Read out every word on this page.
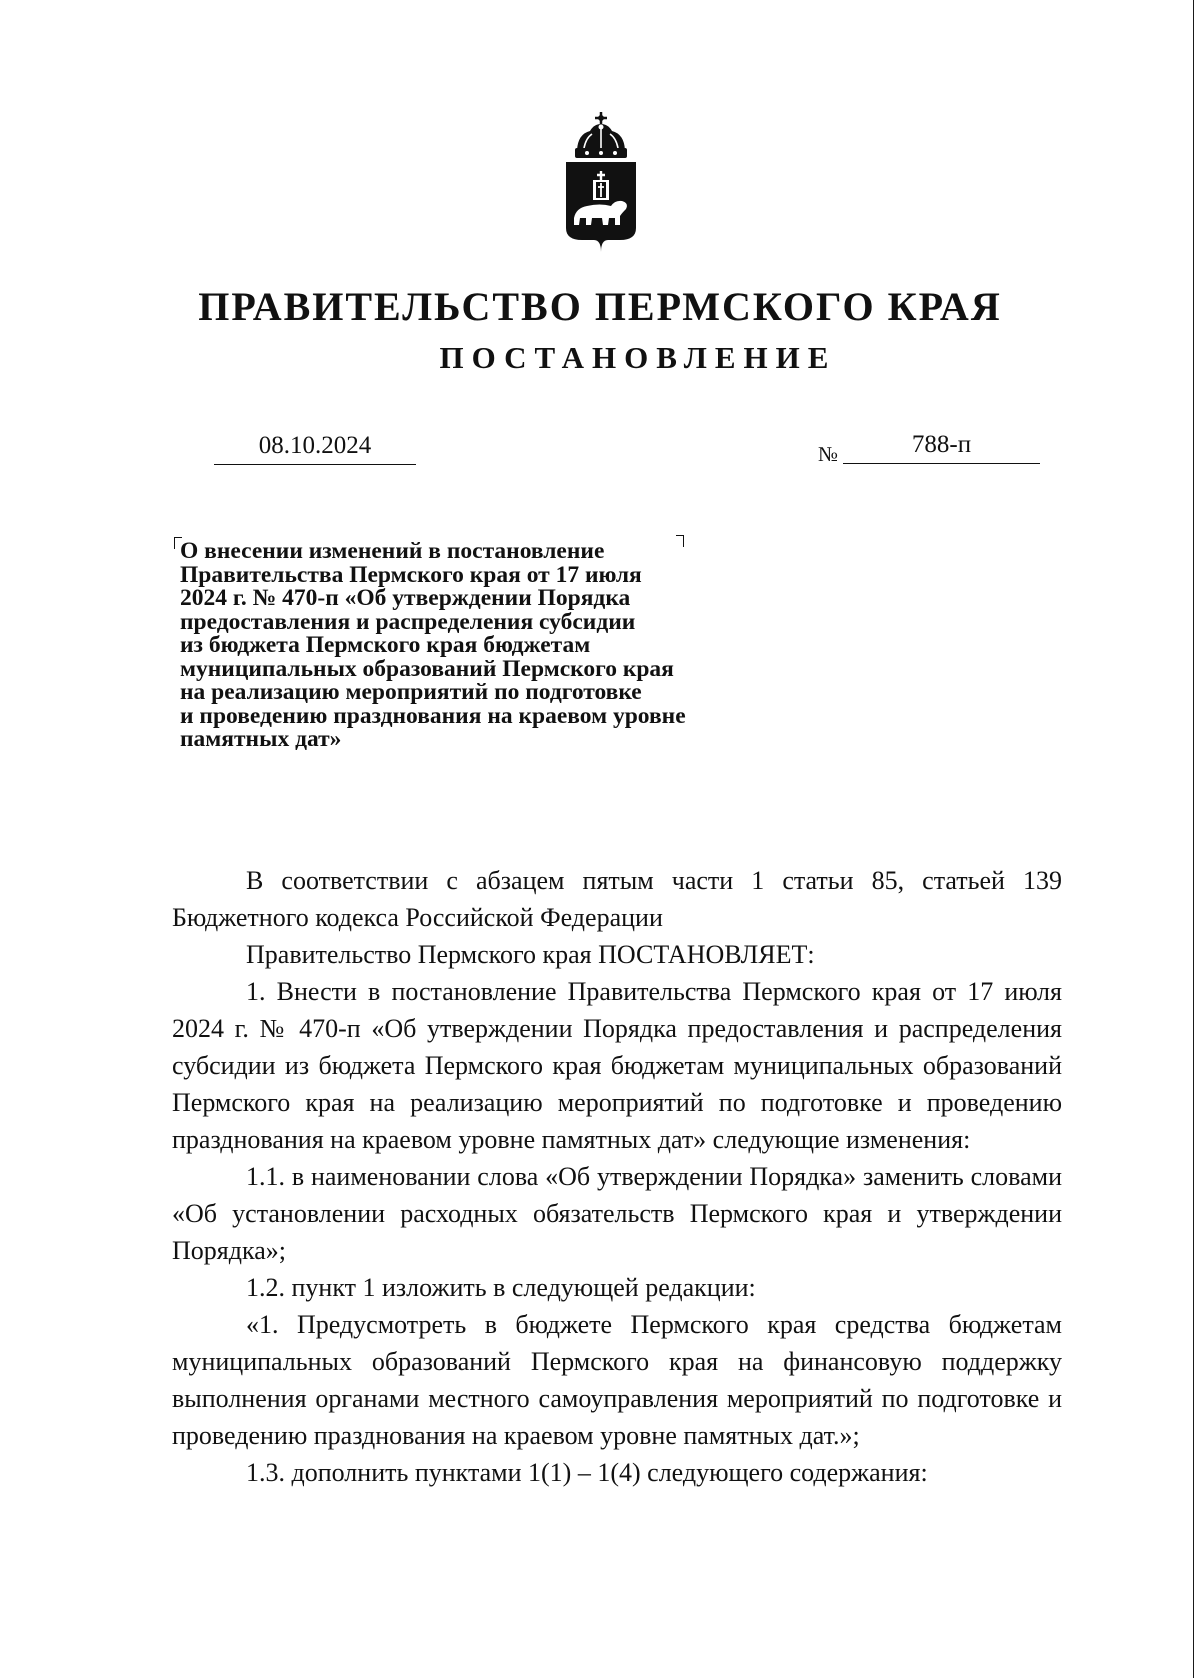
ПРАВИТЕЛЬСТВО ПЕРМСКОГО КРАЯ
ПОСТАНОВЛЕНИЕ
08.10.2024	№	788-п
О внесении изменений в постановление
Правительства Пермского края от 17 июля
2024 г. № 470-п «Об утверждении Порядка
предоставления и распределения субсидии
из бюджета Пермского края бюджетам
муниципальных образований Пермского края
на реализацию мероприятий по подготовке
и проведению празднования на краевом уровне
памятных дат»

В соответствии с абзацем пятым части 1 статьи 85, статьей 139 Бюджетного кодекса Российской Федерации

Правительство Пермского края ПОСТАНОВЛЯЕТ:

1. Внести в постановление Правительства Пермского края от 17 июля 2024 г. № 470-п «Об утверждении Порядка предоставления и распределения субсидии из бюджета Пермского края бюджетам муниципальных образований Пермского края на реализацию мероприятий по подготовке и проведению празднования на краевом уровне памятных дат» следующие изменения:

1.1. в наименовании слова «Об утверждении Порядка» заменить словами «Об установлении расходных обязательств Пермского края и утверждении Порядка»;

1.2. пункт 1 изложить в следующей редакции:

«1. Предусмотреть в бюджете Пермского края средства бюджетам муниципальных образований Пермского края на финансовую поддержку выполнения органами местного самоуправления мероприятий по подготовке и проведению празднования на краевом уровне памятных дат.»;

1.3. дополнить пунктами 1(1) – 1(4) следующего содержания:
